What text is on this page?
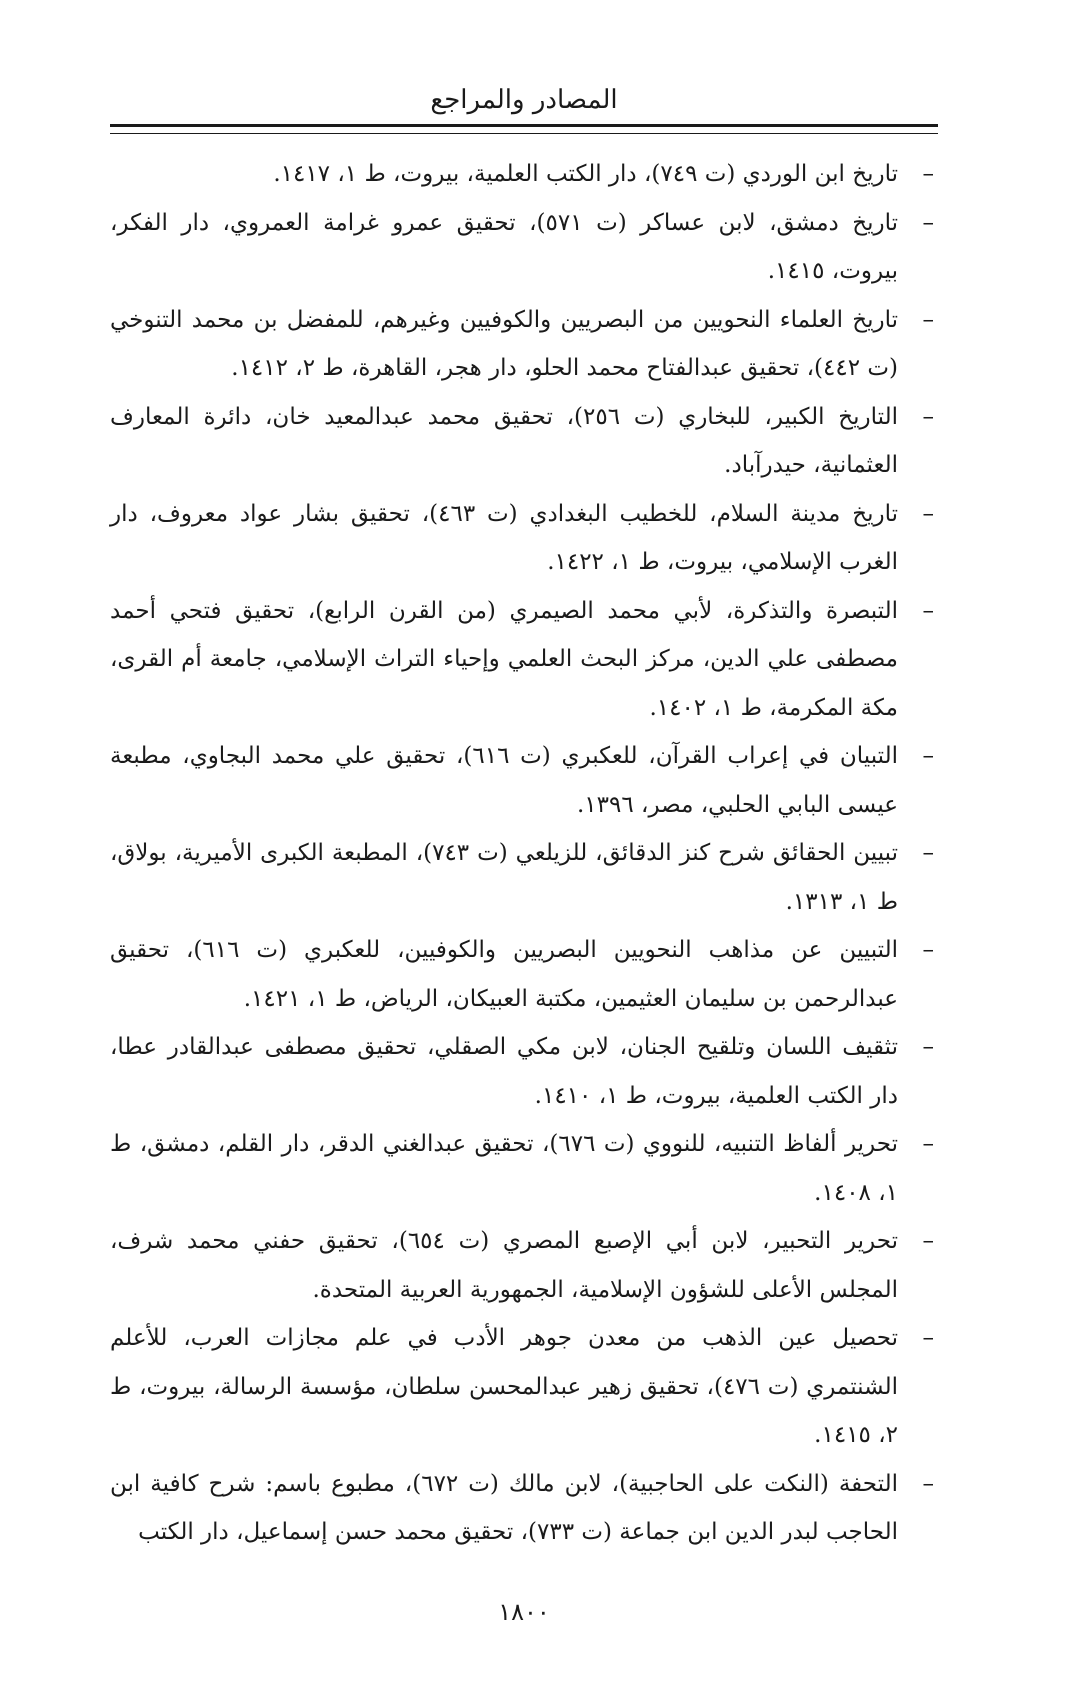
المصادر والمراجع
–
تاريخ ابن الوردي (ت ٧٤٩)، دار الكتب العلمية، بيروت، ط ١، ١٤١٧.
–
تاريخ دمشق، لابن عساكر (ت ٥٧١)، تحقيق عمرو غرامة العمروي، دار الفكر، بيروت، ١٤١٥.
–
تاريخ العلماء النحويين من البصريين والكوفيين وغيرهم، للمفضل بن محمد التنوخي (ت ٤٤٢)، تحقيق عبدالفتاح محمد الحلو، دار هجر، القاهرة، ط ٢، ١٤١٢.
–
التاريخ الكبير، للبخاري (ت ٢٥٦)، تحقيق محمد عبدالمعيد خان، دائرة المعارف العثمانية، حيدرآباد.
–
تاريخ مدينة السلام، للخطيب البغدادي (ت ٤٦٣)، تحقيق بشار عواد معروف، دار الغرب الإسلامي، بيروت، ط ١، ١٤٢٢.
–
التبصرة والتذكرة، لأبي محمد الصيمري (من القرن الرابع)، تحقيق فتحي أحمد مصطفى علي الدين، مركز البحث العلمي وإحياء التراث الإسلامي، جامعة أم القرى، مكة المكرمة، ط ١، ١٤٠٢.
–
التبيان في إعراب القرآن، للعكبري (ت ٦١٦)، تحقيق علي محمد البجاوي، مطبعة عيسى البابي الحلبي، مصر، ١٣٩٦.
–
تبيين الحقائق شرح كنز الدقائق، للزيلعي (ت ٧٤٣)، المطبعة الكبرى الأميرية، بولاق، ط ١، ١٣١٣.
–
التبيين عن مذاهب النحويين البصريين والكوفيين، للعكبري (ت ٦١٦)، تحقيق عبدالرحمن بن سليمان العثيمين، مكتبة العبيكان، الرياض، ط ١، ١٤٢١.
–
تثقيف اللسان وتلقيح الجنان، لابن مكي الصقلي، تحقيق مصطفى عبدالقادر عطا، دار الكتب العلمية، بيروت، ط ١، ١٤١٠.
–
تحرير ألفاظ التنبيه، للنووي (ت ٦٧٦)، تحقيق عبدالغني الدقر، دار القلم، دمشق، ط ١، ١٤٠٨.
–
تحرير التحبير، لابن أبي الإصبع المصري (ت ٦٥٤)، تحقيق حفني محمد شرف، المجلس الأعلى للشؤون الإسلامية، الجمهورية العربية المتحدة.
–
تحصيل عين الذهب من معدن جوهر الأدب في علم مجازات العرب، للأعلم الشنتمري (ت ٤٧٦)، تحقيق زهير عبدالمحسن سلطان، مؤسسة الرسالة، بيروت، ط ٢، ١٤١٥.
–
التحفة (النكت على الحاجبية)، لابن مالك (ت ٦٧٢)، مطبوع باسم: شرح كافية ابن الحاجب لبدر الدين ابن جماعة (ت ٧٣٣)، تحقيق محمد حسن إسماعيل، دار الكتب
١٨٠٠
